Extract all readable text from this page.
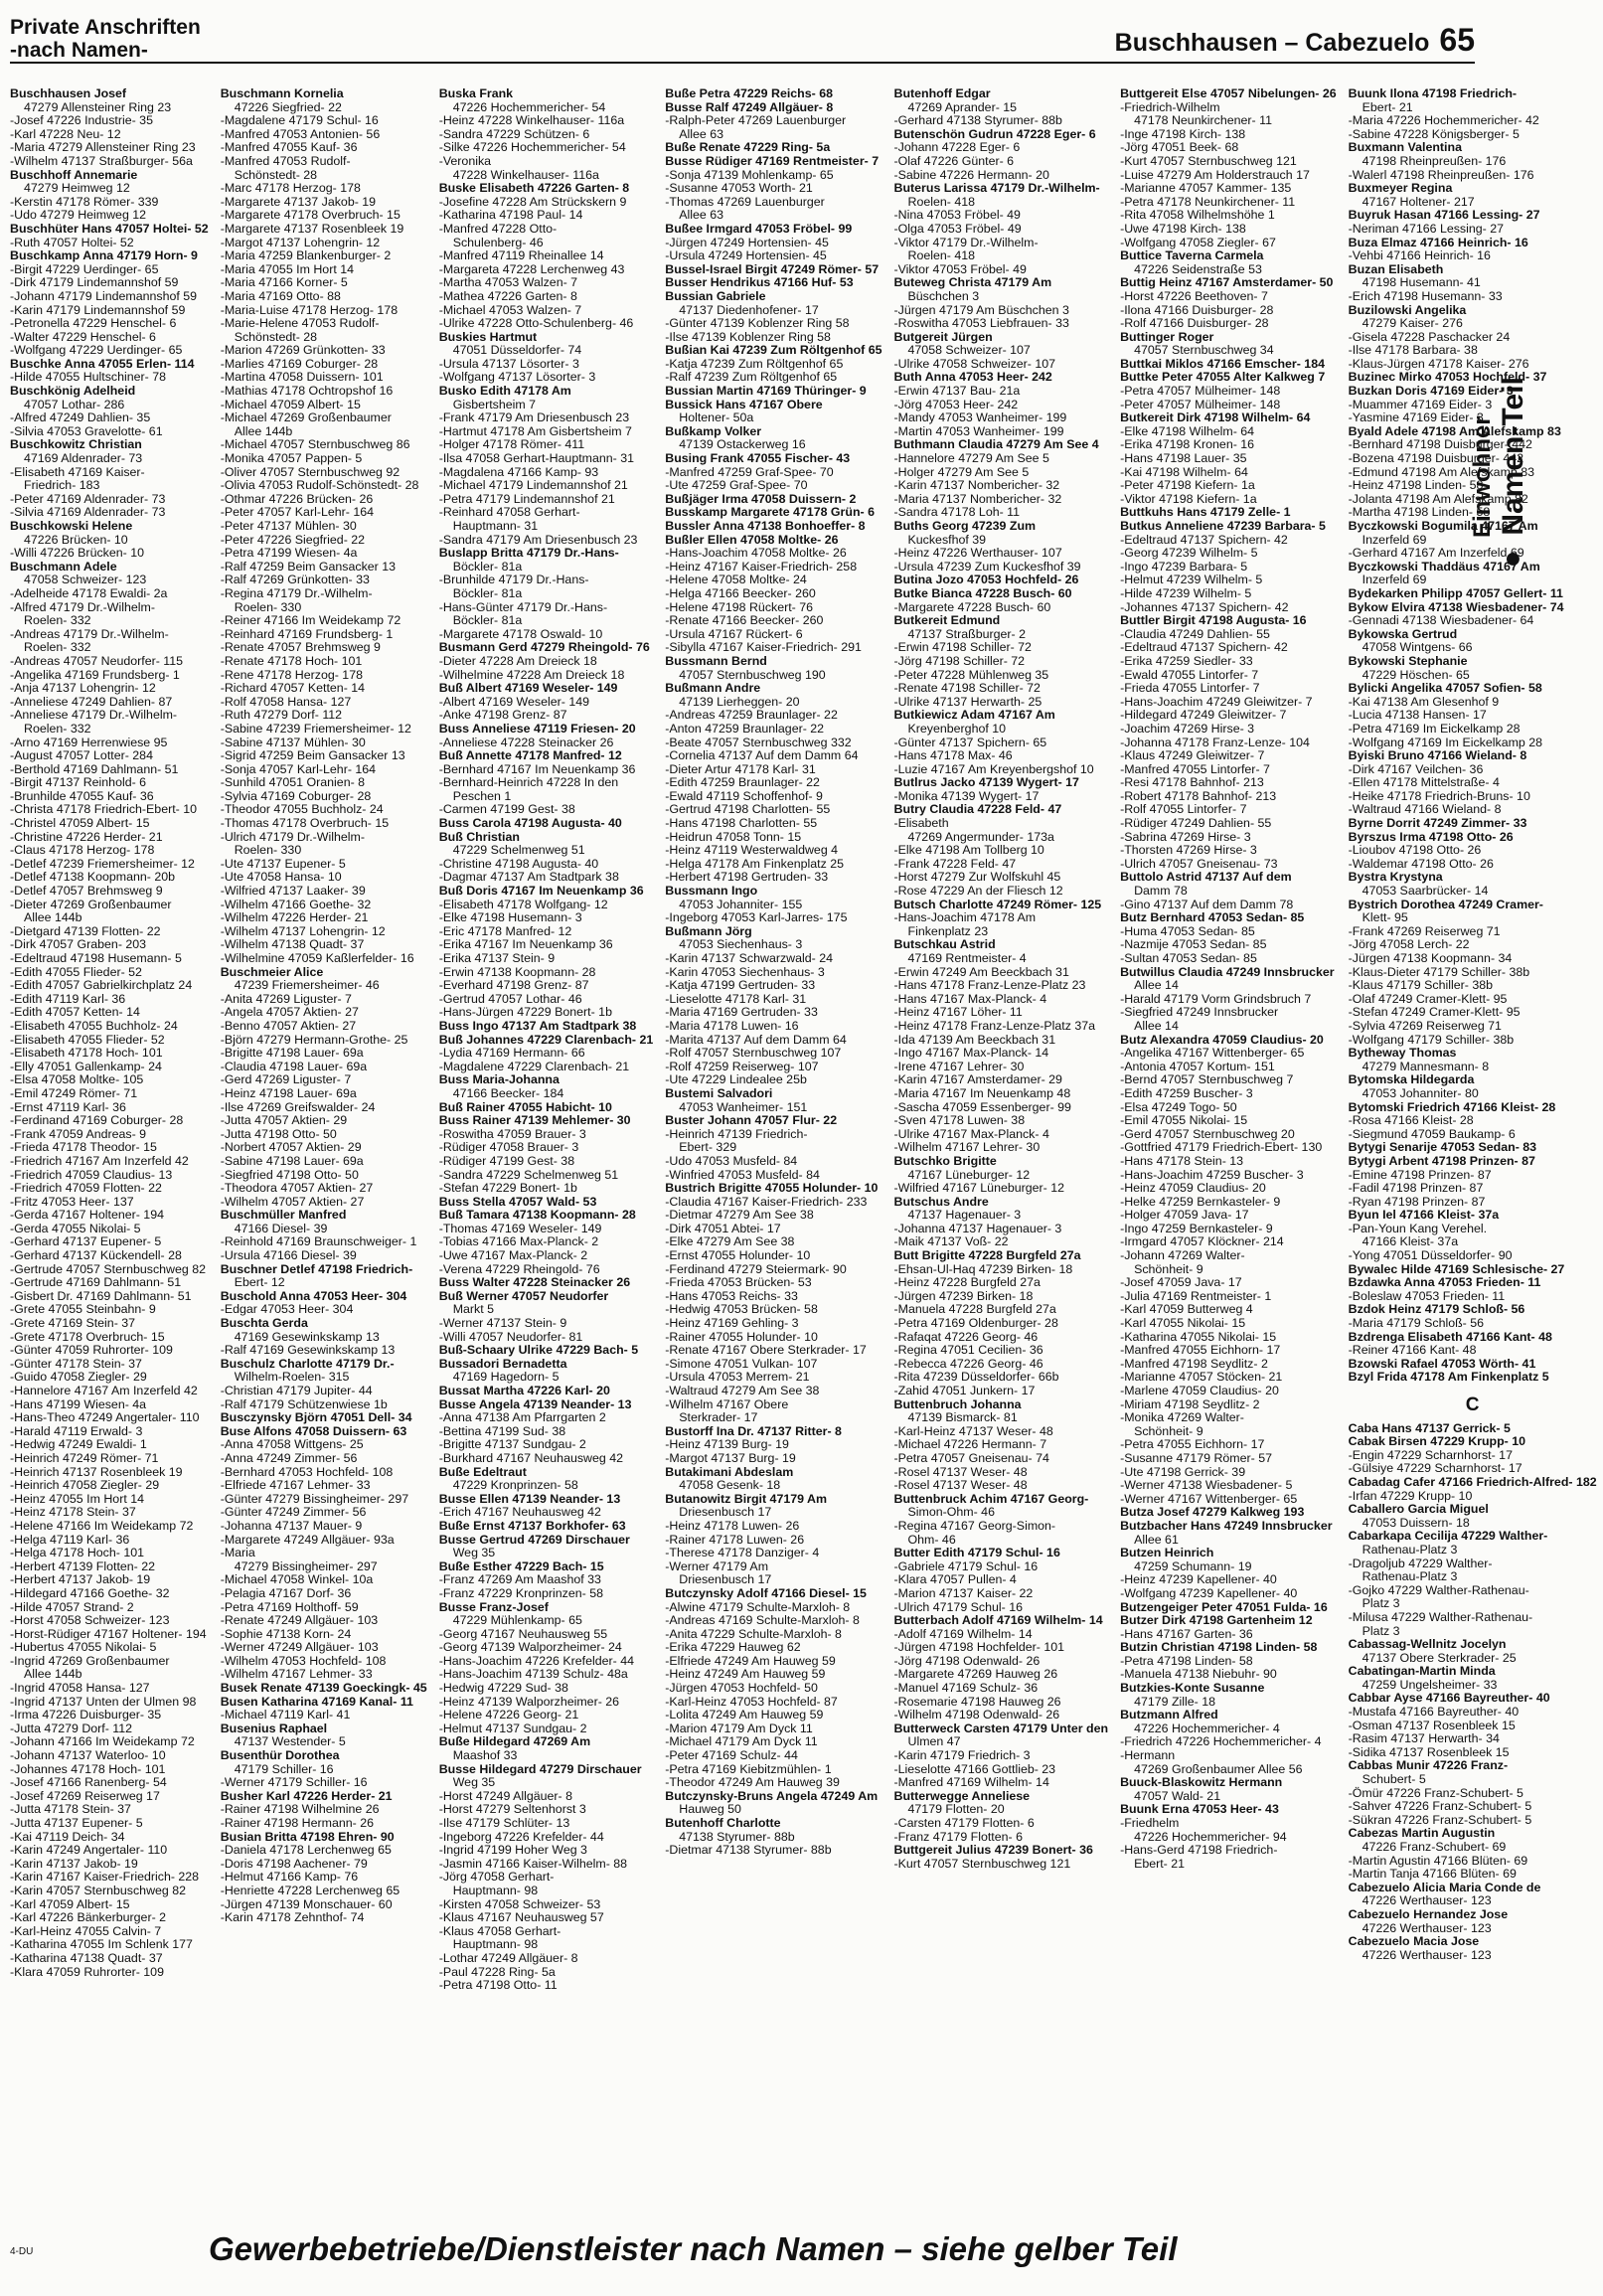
Private Anschriften
-nach Namen-	Buschhausen – Cabezuelo 65
Buschhausen Josef
47279 Allensteiner Ring 23
-Josef 47226 Industrie- 35
-Karl 47228 Neu- 12
-Maria 47279 Allensteiner Ring 23
-Wilhelm 47137 Straßburger- 56a
Buschhoff Annemarie
47279 Heimweg 12
-Kerstin 47178 Römer- 339
-Udo 47279 Heimweg 12
Buschhüter Hans 47057 Holtei- 52
-Ruth 47057 Holtei- 52
Buschkamp Anna 47179 Horn- 9
-Birgit 47229 Uerdinger- 65
-Dirk 47179 Lindemannshof 59
-Johann 47179 Lindemannshof 59
-Karin 47179 Lindemannshof 59
-Petronella 47229 Henschel- 6
-Walter 47229 Henschel- 6
-Wolfgang 47229 Uerdinger- 65
Buschke Anna 47055 Erlen- 114
-Hilde 47055 Hultschiner- 78
Buschkönig Adelheid
47057 Lothar- 286
-Alfred 47249 Dahlien- 35
-Silvia 47053 Gravelotte- 61
Buschkowitz Christian
47169 Aldenrader- 73
-Elisabeth 47169 Kaiser-
Friedrich- 183
-Peter 47169 Aldenrader- 73
-Silvia 47169 Aldenrader- 73
Buschkowski Helene
47226 Brücken- 10
-Willi 47226 Brücken- 10
Buschmann Adele
47058 Schweizer- 123
-Adelheide 47178 Ewaldi- 2a
-Alfred 47179 Dr.-Wilhelm-
Roelen- 332
-Andreas 47179 Dr.-Wilhelm-
Roelen- 332
-Andreas 47057 Neudorfer- 115
-Angelika 47169 Frundsberg- 1
-Anja 47137 Lohengrin- 12
-Anneliese 47249 Dahlien- 87
-Anneliese 47179 Dr.-Wilhelm-
Roelen- 332
-Arno 47169 Herrenwiese 95
-August 47057 Lotter- 284
-Berthold 47169 Dahlmann- 51
-Birgit 47137 Reinhold- 6
-Brunhilde 47055 Kauf- 36
-Christa 47178 Friedrich-Ebert- 10
-Christel 47059 Albert- 15
-Christine 47226 Herder- 21
-Claus 47178 Herzog- 178
-Detlef 47239 Friemersheimer- 12
-Detlef 47138 Koopmann- 20b
-Detlef 47057 Brehmsweg 9
-Dieter 47269 Großenbaumer
Allee 144b
-Dietgard 47139 Flotten- 22
-Dirk 47057 Graben- 203
-Edeltraud 47198 Husemann- 5
-Edith 47055 Flieder- 52
-Edith 47057 Gabrielkirchplatz 24
-Edith 47119 Karl- 36
-Edith 47057 Ketten- 14
-Elisabeth 47055 Buchholz- 24
-Elisabeth 47055 Flieder- 52
-Elisabeth 47178 Hoch- 101
-Elly 47051 Gallenkamp- 24
-Elsa 47058 Moltke- 105
-Emil 47249 Römer- 71
-Ernst 47119 Karl- 36
-Ferdinand 47169 Coburger- 28
-Frank 47059 Andreas- 9
-Frieda 47178 Theodor- 15
-Friedrich 47167 Am Inzerfeld 42
-Friedrich 47059 Claudius- 13
-Friedrich 47059 Flotten- 22
-Fritz 47053 Heer- 137
-Gerda 47167 Holtener- 194
-Gerda 47055 Nikolai- 5
-Gerhard 47137 Eupener- 5
-Gerhard 47137 Kückendell- 28
-Gertrude 47057 Sternbuschweg 82
-Gertrude 47169 Dahlmann- 51
-Gisbert Dr. 47169 Dahlmann- 51
-Grete 47055 Steinbahn- 9
-Grete 47169 Stein- 37
-Grete 47178 Overbruch- 15
-Günter 47059 Ruhrorter- 109
-Günter 47178 Stein- 37
-Guido 47058 Ziegler- 29
-Hannelore 47167 Am Inzerfeld 42
-Hans 47199 Wiesen- 4a
-Hans-Theo 47249 Angertaler- 110
-Harald 47119 Erwald- 3
-Hedwig 47249 Ewaldi- 1
-Heinrich 47249 Römer- 71
-Heinrich 47137 Rosenbleek 19
-Heinrich 47058 Ziegler- 29
-Heinz 47055 Im Hort 14
-Heinz 47178 Stein- 37
-Helene 47166 Im Weidekamp 72
-Helga 47119 Karl- 36
-Helga 47178 Hoch- 101
-Herbert 47139 Flotten- 22
-Herbert 47137 Jakob- 19
-Hildegard 47166 Goethe- 32
-Hilde 47057 Strand- 2
-Horst 47058 Schweizer- 123
-Horst-Rüdiger 47167 Holtener- 194
-Hubertus 47055 Nikolai- 5
-Ingrid 47269 Großenbaumer
Allee 144b
-Ingrid 47058 Hansa- 127
-Ingrid 47137 Unten der Ulmen 98
-Irma 47226 Duisburger- 35
-Jutta 47279 Dorf- 112
-Johann 47166 Im Weidekamp 72
-Johann 47137 Waterloo- 10
-Johannes 47178 Hoch- 101
-Josef 47166 Ranenberg- 54
-Josef 47269 Reiserweg 17
-Jutta 47178 Stein- 37
-Jutta 47137 Eupener- 5
-Kai 47119 Deich- 34
-Karin 47249 Angertaler- 110
-Karin 47137 Jakob- 19
-Karin 47167 Kaiser-Friedrich- 228
-Karin 47057 Sternbuschweg 82
-Karl 47059 Albert- 15
-Karl 47226 Bänkerburger- 2
-Karl-Heinz 47055 Calvin- 7
-Katharina 47055 Im Schlenk 177
-Katharina 47138 Quadt- 37
-Klara 47059 Ruhrorter- 109
Buschmann Kornelia
47226 Siegfried- 22
-Magdalene 47179 Schul- 16
-Manfred 47053 Antonien- 56
-Manfred 47055 Kauf- 36
-Manfred 47053 Rudolf-
Schönstedt- 28
-Marc 47178 Herzog- 178
-Margarete 47137 Jakob- 19
-Margarete 47178 Overbruch- 15
-Margarete 47137 Rosenbleek 19
-Margot 47137 Lohengrin- 12
-Maria 47259 Blankenburger- 2
-Maria 47055 Im Hort 14
-Maria 47166 Korner- 5
-Maria 47169 Otto- 88
-Maria-Luise 47178 Herzog- 178
-Marie-Helene 47053 Rudolf-
Schönstedt- 28
-Marion 47269 Grünkotten- 33
-Marlies 47169 Coburger- 28
-Martina 47058 Duissern- 101
-Mathias 47178 Ochtropshof 16
-Michael 47059 Albert- 15
-Michael 47269 Großenbaumer
Allee 144b
-Michael 47057 Sternbuschweg 86
-Monika 47057 Pappen- 5
-Oliver 47057 Sternbuschweg 92
-Olivia 47053 Rudolf-Schönstedt- 28
-Othmar 47226 Brücken- 26
-Peter 47057 Karl-Lehr- 164
-Peter 47137 Mühlen- 30
-Peter 47226 Siegfried- 22
-Petra 47199 Wiesen- 4a
-Ralf 47259 Beim Gansacker 13
-Ralf 47269 Grünkotten- 33
-Regina 47179 Dr.-Wilhelm-
Roelen- 330
-Reiner 47166 Im Weidekamp 72
-Reinhard 47169 Frundsberg- 1
-Renate 47057 Brehmsweg 9
-Renate 47178 Hoch- 101
-Rene 47178 Herzog- 178
-Richard 47057 Ketten- 14
-Rolf 47058 Hansa- 127
-Ruth 47279 Dorf- 112
-Sabine 47239 Friemersheimer- 12
-Sabine 47137 Mühlen- 30
-Sigrid 47259 Beim Gansacker 13
-Sonja 47057 Karl-Lehr- 164
-Sunhild 47051 Oranien- 8
-Sylvia 47169 Coburger- 28
-Theodor 47055 Buchholz- 24
-Thomas 47178 Overbruch- 15
-Ulrich 47179 Dr.-Wilhelm-
Roelen- 330
-Ute 47137 Eupener- 5
-Ute 47058 Hansa- 10
-Wilfried 47137 Laaker- 39
-Wilhelm 47166 Goethe- 32
-Wilhelm 47226 Herder- 21
-Wilhelm 47137 Lohengrin- 12
-Wilhelm 47138 Quadt- 37
-Wilhelmine 47059 Kaßlerfelder- 16
Buschmeier Alice
47239 Friemersheimer- 46
-Anita 47269 Liguster- 7
-Angela 47057 Aktien- 27
-Benno 47057 Aktien- 27
-Björn 47279 Hermann-Grothe- 25
-Brigitte 47198 Lauer- 69a
-Claudia 47198 Lauer- 69a
-Gerd 47269 Liguster- 7
-Heinz 47198 Lauer- 69a
-Ilse 47269 Greifswalder- 24
-Jutta 47057 Aktien- 29
-Jutta 47198 Otto- 50
-Norbert 47057 Aktien- 29
-Sabine 47198 Lauer- 69a
-Siegfried 47198 Otto- 50
-Theodora 47057 Aktien- 27
-Wilhelm 47057 Aktien- 27
Buschmüller Manfred
47166 Diesel- 39
-Reinhold 47169 Braunschweiger- 1
-Ursula 47166 Diesel- 39
Buschner Detlef 47198 Friedrich-
Ebert- 12
Buschold Anna 47053 Heer- 304
-Edgar 47053 Heer- 304
Buschta Gerda
47169 Gesewinkskamp 13
-Ralf 47169 Gesewinkskamp 13
Buschulz Charlotte 47179 Dr.-
Wilhelm-Roelen- 315
-Christian 47179 Jupiter- 44
-Ralf 47179 Schützenwiese 1b
Busczynsky Björn 47051 Dell- 34
Buse Alfons 47058 Duissern- 63
-Anna 47058 Wittgens- 25
-Anna 47249 Zimmer- 56
-Bernhard 47053 Hochfeld- 108
-Elfriede 47167 Lehmer- 33
-Günter 47279 Bissingheimer- 297
-Günter 47249 Zimmer- 56
-Johanna 47137 Mauer- 9
-Margarete 47249 Allgäuer- 93a
-Maria
47279 Bissingheimer- 297
-Michael 47058 Winkel- 10a
-Pelagia 47167 Dorf- 36
-Petra 47169 Holthoff- 59
-Renate 47249 Allgäuer- 103
-Sophie 47138 Korn- 24
-Werner 47249 Allgäuer- 103
-Wilhelm 47053 Hochfeld- 108
-Wilhelm 47167 Lehmer- 33
Busek Renate 47139 Goeckingk- 45
Busen Katharina 47169 Kanal- 11
-Michael 47119 Karl- 41
Busenius Raphael
47137 Westender- 5
Busenthür Dorothea
47179 Schiller- 16
-Werner 47179 Schiller- 16
Busher Karl 47226 Herder- 21
-Rainer 47198 Wilhelmine 26
-Rainer 47198 Hermann- 26
Busian Britta 47198 Ehren- 90
-Daniela 47178 Lerchenweg 65
-Doris 47198 Aachener- 79
-Helmut 47166 Kamp- 76
-Henriette 47228 Lerchenweg 65
-Jürgen 47139 Monschauer- 60
-Karin 47178 Zehnthof- 74
Buska Frank
47226 Hochemmericher- 54
-Heinz 47228 Winkelhauser- 116a
-Sandra 47229 Schützen- 6
-Silke 47226 Hochemmericher- 54
-Veronika
47228 Winkelhauser- 116a
Buske Elisabeth 47226 Garten- 8
-Josefine 47228 Am Strückskern 9
-Katharina 47198 Paul- 14
-Manfred 47228 Otto-
Schulenberg- 46
-Manfred 47119 Rheinallee 14
-Margareta 47228 Lerchenweg 43
-Martha 47053 Walzen- 7
-Mathea 47226 Garten- 8
-Michael 47053 Walzen- 7
-Ulrike 47228 Otto-Schulenberg- 46
Buskies Hartmut
47051 Düsseldorfer- 74
-Ursula 47137 Lösorter- 3
-Wolfgang 47137 Lösorter- 3
Busko Edith 47178 Am
Gisbertsheim 7
-Frank 47179 Am Driesenbusch 23
-Hartmut 47178 Am Gisbertsheim 7
-Holger 47178 Römer- 411
-Ilsa 47058 Gerhart-Hauptmann- 31
-Magdalena 47166 Kamp- 93
-Michael 47179 Lindemannshof 21
-Petra 47179 Lindemannshof 21
-Reinhard 47058 Gerhart-
Hauptmann- 31
-Sandra 47179 Am Driesenbusch 23
Buslapp Britta 47179 Dr.-Hans-
Böckler- 81a
-Brunhilde 47179 Dr.-Hans-
Böckler- 81a
-Hans-Günter 47179 Dr.-Hans-
Böckler- 81a
-Margarete 47178 Oswald- 10
Busmann Gerd 47279 Rheingold- 76
-Dieter 47228 Am Dreieck 18
-Wilhelmine 47228 Am Dreieck 18
Buß Albert 47169 Weseler- 149
-Albert 47169 Weseler- 149
-Anke 47198 Grenz- 87
Buss Anneliese 47119 Friesen- 20
-Anneliese 47228 Steinacker 26
Buß Annette 47178 Manfred- 12
-Bernhard 47167 Im Neuenkamp 36
-Bernhard-Heinrich 47228 In den
Peschen 1
-Carmen 47199 Gest- 38
Buss Carola 47198 Augusta- 40
Buß Christian
47229 Schelmenweg 51
-Christine 47198 Augusta- 40
-Dagmar 47137 Am Stadtpark 38
Buß Doris 47167 Im Neuenkamp 36
-Elisabeth 47178 Wolfgang- 12
-Elke 47198 Husemann- 3
-Eric 47178 Manfred- 12
-Erika 47167 Im Neuenkamp 36
-Erika 47137 Stein- 9
-Erwin 47138 Koopmann- 28
-Everhard 47198 Grenz- 87
-Gertrud 47057 Lothar- 46
-Hans-Jürgen 47229 Bonert- 1b
Buss Ingo 47137 Am Stadtpark 38
Buß Johannes 47229 Clarenbach- 21
-Lydia 47169 Hermann- 66
-Magdalene 47229 Clarenbach- 21
Buss Maria-Johanna
47166 Beecker- 184
Buß Rainer 47055 Habicht- 10
Buss Rainer 47139 Mehlemer- 30
-Roswitha 47059 Brauer- 3
-Rüdiger 47058 Brauer- 3
-Rüdiger 47199 Gest- 38
-Sandra 47229 Schelmenweg 51
-Stefan 47229 Bonert- 1b
Buss Stella 47057 Wald- 53
Buß Tamara 47138 Koopmann- 28
-Thomas 47169 Weseler- 149
-Tobias 47166 Max-Planck- 2
-Uwe 47167 Max-Planck- 2
-Verena 47229 Rheingold- 76
Buss Walter 47228 Steinacker 26
Buß Werner 47057 Neudorfer
Markt 5
-Werner 47137 Stein- 9
-Willi 47057 Neudorfer- 81
Buß-Schaary Ulrike 47229 Bach- 5
Bussadori Bernadetta
47169 Hagedorn- 5
Bussat Martha 47226 Karl- 20
Busse Angela 47139 Neander- 13
-Anna 47138 Am Pfarrgarten 2
-Bettina 47199 Sud- 38
-Brigitte 47137 Sundgau- 2
-Burkhard 47167 Neuhausweg 42
Buße Edeltraut
47229 Kronprinzen- 58
Busse Ellen 47139 Neander- 13
-Erich 47167 Neuhausweg 42
Buße Ernst 47137 Borkhofer- 63
Busse Gertrud 47269 Dirschauer
Weg 35
Buße Esther 47229 Bach- 15
-Franz 47269 Am Maashof 33
-Franz 47229 Kronprinzen- 58
Busse Franz-Josef
47229 Mühlenkamp- 65
-Georg 47167 Neuhausweg 55
-Georg 47139 Walporzheimer- 24
-Hans-Joachim 47226 Krefelder- 44
-Hans-Joachim 47139 Schulz- 48a
-Hedwig 47229 Sud- 38
-Heinz 47139 Walporzheimer- 26
-Helene 47226 Georg- 21
-Helmut 47137 Sundgau- 2
Buße Hildegard 47269 Am
Maashof 33
Busse Hildegard 47279 Dirschauer
Weg 35
-Horst 47249 Allgäuer- 8
-Horst 47279 Seltenhorst 3
-Ilse 47179 Schlüter- 13
-Ingeborg 47226 Krefelder- 44
-Ingrid 47199 Hoher Weg 3
-Jasmin 47166 Kaiser-Wilhelm- 88
-Jörg 47058 Gerhart-
Hauptmann- 98
-Kirsten 47058 Schweizer- 53
-Klaus 47167 Neuhausweg 57
-Klaus 47058 Gerhart-
Hauptmann- 98
-Lothar 47249 Allgäuer- 8
-Paul 47228 Ring- 5a
-Petra 47198 Otto- 11
Buße Petra 47229 Reichs- 68
Busse Ralf 47249 Allgäuer- 8
-Ralph-Peter 47269 Lauenburger
Allee 63
Buße Renate 47229 Ring- 5a
Busse Rüdiger 47169 Rentmeister- 7
-Sonja 47139 Mohlenkamp- 65
-Susanne 47053 Worth- 21
-Thomas 47269 Lauenburger
Allee 63
Bußee Irmgard 47053 Fröbel- 99
-Jürgen 47249 Hortensien- 45
-Ursula 47249 Hortensien- 45
Bussel-Israel Birgit 47249 Römer- 57
Busser Hendrikus 47166 Huf- 53
Bussian Gabriele
47137 Diedenhofener- 17
-Günter 47139 Koblenzer Ring 58
-Ilse 47139 Koblenzer Ring 58
Bußian Kai 47239 Zum Röltgenhof 65
-Katja 47239 Zum Röltgenhof 65
-Ralf 47239 Zum Röltgenhof 65
Bussian Martin 47169 Thüringer- 9
Bussick Hans 47167 Obere
Holtener- 50a
Bußkamp Volker
47139 Ostackerweg 16
Busing Frank 47055 Fischer- 43
-Manfred 47259 Graf-Spee- 70
-Ute 47259 Graf-Spee- 70
Bußjäger Irma 47058 Duissern- 2
Busskamp Margarete 47178 Grün- 6
Bussler Anna 47138 Bonhoeffer- 8
Bußler Ellen 47058 Moltke- 26
-Hans-Joachim 47058 Moltke- 26
-Heinz 47167 Kaiser-Friedrich- 258
-Helene 47058 Moltke- 24
-Helga 47166 Beecker- 260
-Helene 47198 Rückert- 76
-Renate 47166 Beecker- 260
-Ursula 47167 Rückert- 6
-Sibylla 47167 Kaiser-Friedrich- 291
Bussmann Bernd
47057 Sternbuschweg 190
Bußmann Andre
47139 Lierheggen- 20
-Andreas 47259 Braunlager- 22
-Anton 47259 Braunlager- 22
-Beate 47057 Sternbuschweg 332
-Cornelia 47137 Auf dem Damm 64
-Dieter Artur 47178 Karl- 31
-Edith 47259 Braunlager- 22
-Ewald 47119 Schoffenhof- 9
-Gertrud 47198 Charlotten- 55
-Hans 47198 Charlotten- 55
-Heidrun 47058 Tonn- 15
-Heinz 47119 Westerwaldweg 4
-Helga 47178 Am Finkenplatz 25
-Herbert 47198 Gertruden- 33
Bussmann Ingo
47053 Johanniter- 155
-Ingeborg 47053 Karl-Jarres- 175
Bußmann Jörg
47053 Siechenhaus- 3
-Karin 47137 Schwarzwald- 24
-Karin 47053 Siechenhaus- 3
-Katja 47199 Gertruden- 33
-Lieselotte 47178 Karl- 31
-Maria 47169 Gertruden- 33
-Maria 47178 Luwen- 16
-Marita 47137 Auf dem Damm 64
-Rolf 47057 Sternbuschweg 107
-Rolf 47259 Reiserweg- 107
-Ute 47229 Lindealee 25b
Bustemi Salvadori
47053 Wanheimer- 151
Buster Johann 47057 Flur- 22
-Heinrich 47139 Friedrich-
Ebert- 329
-Udo 47053 Musfeld- 84
-Winfried 47053 Musfeld- 84
Bustrich Brigitte 47055 Holunder- 10
-Claudia 47167 Kaiser-Friedrich- 233
-Dietmar 47279 Am See 38
-Dirk 47051 Abtei- 17
-Elke 47279 Am See 38
-Ernst 47055 Holunder- 10
-Ferdinand 47279 Steiermark- 90
-Frieda 47053 Brücken- 53
-Hans 47053 Reichs- 33
-Hedwig 47053 Brücken- 58
-Heinz 47169 Gehling- 3
-Rainer 47055 Holunder- 10
-Renate 47167 Obere Sterkrader- 17
-Simone 47051 Vulkan- 107
-Ursula 47053 Merrem- 21
-Waltraud 47279 Am See 38
-Wilhelm 47167 Obere
Sterkrader- 17
Bustorff Ina Dr. 47137 Ritter- 8
-Heinz 47139 Burg- 19
-Margot 47137 Burg- 19
Butakimani Abdeslam
47058 Gesenk- 18
Butanowitz Birgit 47179 Am
Driesenbusch 17
-Heinz 47178 Luwen- 26
-Rainer 47178 Luwen- 26
-Therese 47178 Danziger- 4
-Werner 47179 Am
Driesenbusch 17
Butczynsky Adolf 47166 Diesel- 15
-Alwine 47179 Schulte-Marxloh- 8
-Andreas 47169 Schulte-Marxloh- 8
-Anita 47229 Schulte-Marxloh- 8
-Erika 47229 Hauweg 62
-Elfriede 47249 Am Hauweg 59
-Heinz 47249 Am Hauweg 59
-Jürgen 47053 Hochfeld- 50
-Karl-Heinz 47053 Hochfeld- 87
-Lolita 47249 Am Hauweg 59
-Marion 47179 Am Dyck 11
-Michael 47179 Am Dyck 11
-Peter 47169 Schulz- 44
-Petra 47169 Kiebitzmühlen- 1
-Theodor 47249 Am Hauweg 39
Butczynsky-Bruns Angela 47249 Am
Hauweg 50
Butenhoff Charlotte
47138 Styrumer- 88b
-Dietmar 47138 Styrumer- 88b
Butenhoff Edgar
47269 Aprander- 15
-Gerhard 47138 Styrumer- 88b
Butenschön Gudrun 47228 Eger- 6
-Johann 47228 Eger- 6
-Olaf 47226 Günter- 6
-Sabine 47226 Hermann- 20
Buterus Larissa 47179 Dr.-Wilhelm-
Roelen- 418
-Nina 47053 Fröbel- 49
-Olga 47053 Fröbel- 49
-Viktor 47179 Dr.-Wilhelm-
Roelen- 418
-Viktor 47053 Fröbel- 49
Buteweg Christa 47179 Am
Büschchen 3
-Jürgen 47179 Am Büschchen 3
-Roswitha 47053 Liebfrauen- 33
Butgereit Jürgen
47058 Schweizer- 107
-Ulrike 47058 Schweizer- 107
Buth Anna 47053 Heer- 242
-Erwin 47137 Bau- 21a
-Jörg 47053 Heer- 242
-Mandy 47053 Wanheimer- 199
-Martin 47053 Wanheimer- 199
Buthmann Claudia 47279 Am See 4
-Hannelore 47279 Am See 5
-Holger 47279 Am See 5
-Karin 47137 Nombericher- 32
-Maria 47137 Nombericher- 32
-Sandra 47178 Loh- 11
Buths Georg 47239 Zum
Kuckesfhof 39
-Heinz 47226 Werthauser- 107
-Ursula 47239 Zum Kuckesfhof 39
Butina Jozo 47053 Hochfeld- 26
Butke Bianca 47228 Busch- 60
-Margarete 47228 Busch- 60
Butkereit Edmund
47137 Straßburger- 2
-Erwin 47198 Schiller- 72
-Jörg 47198 Schiller- 72
-Peter 47228 Mühlenweg 35
-Renate 47198 Schiller- 72
-Ulrike 47137 Herwarth- 25
Butkiewicz Adam 47167 Am
Kreyenberghof 10
-Günter 47137 Spichern- 65
-Hans 47178 Max- 46
-Luzie 47167 Am Kreyenbergshof 10
Butlrus Jacko 47139 Wygert- 17
-Monika 47139 Wygert- 17
Butry Claudia 47228 Feld- 47
-Elisabeth
47269 Angermunder- 173a
-Elke 47198 Am Tollberg 10
-Frank 47228 Feld- 47
-Horst 47279 Zur Wolfskuhl 45
-Rose 47229 An der Fliesch 12
Butsch Charlotte 47249 Römer- 125
-Hans-Joachim 47178 Am
Finkenplatz 23
Butschkau Astrid
47169 Rentmeister- 4
-Erwin 47249 Am Beeckbach 31
-Hans 47178 Franz-Lenze-Platz 23
-Hans 47167 Max-Planck- 4
-Heinz 47167 Löher- 11
-Heinz 47178 Franz-Lenze-Platz 37a
-Ida 47139 Am Beeckbach 31
-Ingo 47167 Max-Planck- 14
-Irene 47167 Lehrer- 30
-Karin 47167 Amsterdamer- 29
-Maria 47167 Im Neuenkamp 48
-Sascha 47059 Essenberger- 99
-Sven 47178 Luwen- 38
-Ulrike 47167 Max-Planck- 4
-Wilhelm 47167 Lehrer- 30
Butschko Brigitte
47167 Lüneburger- 12
-Wilfried 47167 Lüneburger- 12
Butschus Andre
47137 Hagenauer- 3
-Johanna 47137 Hagenauer- 3
-Maik 47137 Voß- 22
Butt Brigitte 47228 Burgfeld 27a
-Ehsan-Ul-Haq 47239 Birken- 18
-Heinz 47228 Burgfeld 27a
-Jürgen 47239 Birken- 18
-Manuela 47228 Burgfeld 27a
-Petra 47169 Oldenburger- 28
-Rafaqat 47226 Georg- 46
-Regina 47051 Cecilien- 36
-Rebecca 47226 Georg- 46
-Rita 47239 Düsseldorfer- 66b
-Zahid 47051 Junkern- 17
Buttenbruch Johanna
47139 Bismarck- 81
-Karl-Heinz 47137 Weser- 48
-Michael 47226 Hermann- 7
-Petra 47057 Gneisenau- 74
-Rosel 47137 Weser- 48
-Rosel 47137 Weser- 48
Buttenbruck Achim 47167 Georg-
Simon-Ohm- 46
-Regina 47167 Georg-Simon-
Ohm- 46
Butter Edith 47179 Schul- 16
-Gabriele 47179 Schul- 16
-Klara 47057 Pullen- 4
-Marion 47137 Kaiser- 22
-Ulrich 47179 Schul- 16
Butterbach Adolf 47169 Wilhelm- 14
-Adolf 47169 Wilhelm- 14
-Jürgen 47198 Hochfelder- 101
-Jörg 47198 Odenwald- 26
-Margarete 47269 Hauweg 26
-Manuel 47169 Schulz- 36
-Rosemarie 47198 Hauweg 26
-Wilhelm 47198 Odenwald- 26
Butterweck Carsten 47179 Unter den
Ulmen 47
-Karin 47179 Friedrich- 3
-Lieselotte 47166 Gottlieb- 23
-Manfred 47169 Wilhelm- 14
Butterwegge Anneliese
47179 Flotten- 20
-Carsten 47179 Flotten- 6
-Franz 47179 Flotten- 6
Buttgereit Julius 47239 Bonert- 36
-Kurt 47057 Sternbuschweg 121
Buttgereit Else 47057 Nibelungen- 26
-Friedrich-Wilhelm
47178 Neunkirchener- 11
-Inge 47198 Kirch- 138
-Jörg 47051 Beek- 68
-Kurt 47057 Sternbuschweg 121
-Luise 47279 Am Holderstrauch 17
-Marianne 47057 Kammer- 135
-Petra 47178 Neunkirchener- 11
-Rita 47058 Wilhelmshöhe 1
-Uwe 47198 Kirch- 138
-Wolfgang 47058 Ziegler- 67
Buttice Taverna Carmela
47226 Seidenstraße 53
Buttig Heinz 47167 Amsterdamer- 50
-Horst 47226 Beethoven- 7
-Ilona 47166 Duisburger- 28
-Rolf 47166 Duisburger- 28
Buttinger Roger
47057 Sternbuschweg 34
Buttkai Miklos 47166 Emscher- 184
Buttke Peter 47055 Alter Kalkweg 7
-Petra 47057 Mülheimer- 148
-Peter 47057 Mülheimer- 148
Butkereit Dirk 47198 Wilhelm- 64
-Elke 47198 Wilhelm- 64
-Erika 47198 Kronen- 16
-Hans 47198 Lauer- 35
-Kai 47198 Wilhelm- 64
-Peter 47198 Kiefern- 1a
-Viktor 47198 Kiefern- 1a
Buttkuhs Hans 47179 Zelle- 1
Butkus Anneliene 47239 Barbara- 5
-Edeltraud 47137 Spichern- 42
-Georg 47239 Wilhelm- 5
-Ingo 47239 Barbara- 5
-Helmut 47239 Wilhelm- 5
-Hilde 47239 Wilhelm- 5
-Johannes 47137 Spichern- 42
Buttler Birgit 47198 Augusta- 16
-Claudia 47249 Dahlien- 55
-Edeltraud 47137 Spichern- 42
-Erika 47259 Siedler- 33
-Ewald 47055 Lintorfer- 7
-Frieda 47055 Lintorfer- 7
-Hans-Joachim 47249 Gleiwitzer- 7
-Hildegard 47249 Gleiwitzer- 7
-Joachim 47269 Hirse- 3
-Johanna 47178 Franz-Lenze- 104
-Klaus 47249 Gleiwitzer- 7
-Manfred 47055 Lintorfer- 7
-Resi 47178 Bahnhof- 213
-Robert 47178 Bahnhof- 213
-Rolf 47055 Lintorfer- 7
-Rüdiger 47249 Dahlien- 55
-Sabrina 47269 Hirse- 3
-Thorsten 47269 Hirse- 3
-Ulrich 47057 Gneisenau- 73
Buttolo Astrid 47137 Auf dem
Damm 78
-Gino 47137 Auf dem Damm 78
Butz Bernhard 47053 Sedan- 85
-Huma 47053 Sedan- 85
-Nazmije 47053 Sedan- 85
-Sultan 47053 Sedan- 85
Butwillus Claudia 47249 Innsbrucker
Allee 14
-Harald 47179 Vorm Grindsbruch 7
-Siegfried 47249 Innsbrucker
Allee 14
Butz Alexandra 47059 Claudius- 20
-Angelika 47167 Wittenberger- 65
-Antonia 47057 Kortum- 151
-Bernd 47057 Sternbuschweg 7
-Edith 47259 Buscher- 3
-Elsa 47249 Togo- 50
-Emil 47055 Nikolai- 15
-Gerd 47057 Sternbuschweg 20
-Gottfried 47179 Friedrich-Ebert- 130
-Hans 47178 Stein- 13
-Hans-Joachim 47259 Buscher- 3
-Heinz 47059 Claudius- 20
-Helke 47259 Bernkasteler- 9
-Holger 47059 Java- 17
-Ingo 47259 Bernkasteler- 9
-Irmgard 47057 Klöckner- 214
-Johann 47269 Walter-
Schönheit- 9
-Josef 47059 Java- 17
-Julia 47169 Rentmeister- 1
-Karl 47059 Butterweg 4
-Karl 47055 Nikolai- 15
-Katharina 47055 Nikolai- 15
-Manfred 47055 Eichhorn- 17
-Manfred 47198 Seydlitz- 2
-Marianne 47057 Stöcken- 21
-Marlene 47059 Claudius- 20
-Miriam 47198 Seydlitz- 2
-Monika 47269 Walter-
Schönheit- 9
-Petra 47055 Eichhorn- 17
-Susanne 47179 Römer- 57
-Ute 47198 Gerrick- 39
-Werner 47138 Wiesbadener- 5
-Werner 47167 Wittenberger- 65
Butza Josef 47279 Kalkweg 193
Butzbacher Hans 47249 Innsbrucker
Allee 61
Butzen Heinrich
47259 Schumann- 19
-Heinz 47239 Kapellener- 40
-Wolfgang 47239 Kapellener- 40
Butzengeiger Peter 47051 Fulda- 16
Butzer Dirk 47198 Gartenheim 12
-Hans 47167 Garten- 36
Butzin Christian 47198 Linden- 58
-Petra 47198 Linden- 58
-Manuela 47138 Niebuhr- 90
Butzkies-Konte Susanne
47179 Zille- 18
Butzmann Alfred
47226 Hochemmericher- 4
-Friedrich 47226 Hochemmericher- 4
-Hermann
47269 Großenbaumer Allee 56
Buuck-Blaskowitz Hermann
47057 Wald- 21
Buunk Erna 47053 Heer- 43
-Friedhelm
47226 Hochemmericher- 94
-Hans-Gerd 47198 Friedrich-
Ebert- 21
Buunk Ilona 47198 Friedrich-
Ebert- 21
-Maria 47226 Hochemmericher- 42
-Sabine 47228 Königsberger- 5
Buxmann Valentina
47198 Rheinpreußen- 176
-Walerl 47198 Rheinpreußen- 176
Buxmeyer Regina
47167 Holtener- 217
Buyruk Hasan 47166 Lessing- 27
-Neriman 47166 Lessing- 27
Buza Elmaz 47166 Heinrich- 16
-Vehbi 47166 Heinrich- 16
Buzan Elisabeth
47198 Husemann- 41
-Erich 47198 Husemann- 33
Buzilowski Angelika
47279 Kaiser- 276
-Gisela 47228 Paschacker 24
-Ilse 47178 Barbara- 38
-Klaus-Jürgen 47178 Kaiser- 276
Buzinec Mirko 47053 Hochfeld- 37
Buzkan Doris 47169 Eider- 3
-Muammer 47169 Eider- 3
-Yasmine 47169 Eider- 3
Byald Adele 47198 Am Alefskamp 83
-Bernhard 47198 Duisburger- 442
-Bozena 47198 Duisburger- 442
-Edmund 47198 Am Alefskamp 83
-Heinz 47198 Linden- 58
-Jolanta 47198 Am Alefskamp 82
-Martha 47198 Linden- 58
Byczkowski Bogumila 47167 Am
Inzerfeld 69
-Gerhard 47167 Am Inzerfeld 69
Byczkowski Thaddäus 47167 Am
Inzerfeld 69
Bydekarken Philipp 47057 Gellert- 11
Bykow Elvira 47138 Wiesbadener- 74
-Gennadi 47138 Wiesbadener- 64
Bykowska Gertrud
47058 Wintgens- 66
Bykowski Stephanie
47229 Höschen- 65
Bylicki Angelika 47057 Sofien- 58
-Kai 47138 Am Glesenhof 9
-Lucia 47138 Hansen- 17
-Petra 47169 Im Eickelkamp 28
-Wolfgang 47169 Im Eickelkamp 28
Byiski Bruno 47166 Wieland- 8
-Dirk 47167 Veilchen- 36
-Ellen 47178 Mittelstraße- 4
-Heike 47178 Friedrich-Bruns- 10
-Waltraud 47166 Wieland- 8
Byrne Dorrit 47249 Zimmer- 33
Byrszus Irma 47198 Otto- 26
-Lioubov 47198 Otto- 26
-Waldemar 47198 Otto- 26
Bystra Krystyna
47053 Saarbrücker- 14
Bystrich Dorothea 47249 Cramer-
Klett- 95
-Frank 47269 Reiserweg 71
-Jörg 47058 Lerch- 22
-Jürgen 47138 Koopmann- 34
-Klaus-Dieter 47179 Schiller- 38b
-Klaus 47179 Schiller- 38b
-Olaf 47249 Cramer-Klett- 95
-Stefan 47249 Cramer-Klett- 95
-Sylvia 47269 Reiserweg 71
-Wolfgang 47179 Schiller- 38b
Bytheway Thomas
47279 Mannesmann- 8
Bytomska Hildegarda
47053 Johanniter- 80
Bytomski Friedrich 47166 Kleist- 28
-Rosa 47166 Kleist- 28
-Siegmund 47059 Baukamp- 6
Bytygi Senarije 47053 Sedan- 83
Bytygi Arbent 47198 Prinzen- 87
-Emine 47198 Prinzen- 87
-Fadil 47198 Prinzen- 87
-Ryan 47198 Prinzen- 87
Byun Iel 47166 Kleist- 37a
-Pan-Youn Kang Verehel.
47166 Kleist- 37a
-Yong 47051 Düsseldorfer- 90
Bywalec Hilde 47169 Schlesische- 27
Bzdawka Anna 47053 Frieden- 11
-Boleslaw 47053 Frieden- 11
Bzdok Heinz 47179 Schloß- 56
-Maria 47179 Schloß- 56
Bzdrenga Elisabeth 47166 Kant- 48
-Reiner 47166 Kant- 48
Bzowski Rafael 47053 Wörth- 41
Bzyl Frida 47178 Am Finkenplatz 5
C
Caba Hans 47137 Gerrick- 5
Cabak Birsen 47229 Krupp- 10
-Engin 47229 Scharnhorst- 17
-Gülsiye 47229 Scharnhorst- 17
Cabadag Cafer 47166 Friedrich-Alfred- 182
-Irfan 47229 Krupp- 10
Caballero Garcia Miguel
47053 Duissern- 18
Cabarkapa Cecilija 47229 Walther-
Rathenau-Platz 3
-Dragoljub 47229 Walther-
Rathenau-Platz 3
-Gojko 47229 Walther-Rathenau-
Platz 3
-Milusa 47229 Walther-Rathenau-
Platz 3
Cabassag-Wellnitz Jocelyn
47137 Obere Sterkrader- 25
Cabatingan-Martin Minda
47259 Ungelsheimer- 33
Cabbar Ayse 47166 Bayreuther- 40
-Mustafa 47166 Bayreuther- 40
-Osman 47137 Rosenbleek 15
-Rasim 47137 Herwarth- 34
-Sidika 47137 Rosenbleek 15
Cabbas Munir 47226 Franz-
Schubert- 5
-Ömür 47226 Franz-Schubert- 5
-Sahver 47226 Franz-Schubert- 5
-Sükran 47226 Franz-Schubert- 5
Cabezas Martin Augustin
47226 Franz-Schubert- 69
-Martin Agustin 47166 Blüten- 69
-Martin Tanja 47166 Blüten- 69
Cabezuelo Alicia Maria Conde de
47226 Werthauser- 123
Cabezuelo Hernandez Jose
47226 Werthauser- 123
Cabezuelo Macia Jose
47226 Werthauser- 123
Einwohner ● Namen-Teil
4-DU	Gewerbebetriebe/Dienstleister nach Namen – siehe gelber Teil
